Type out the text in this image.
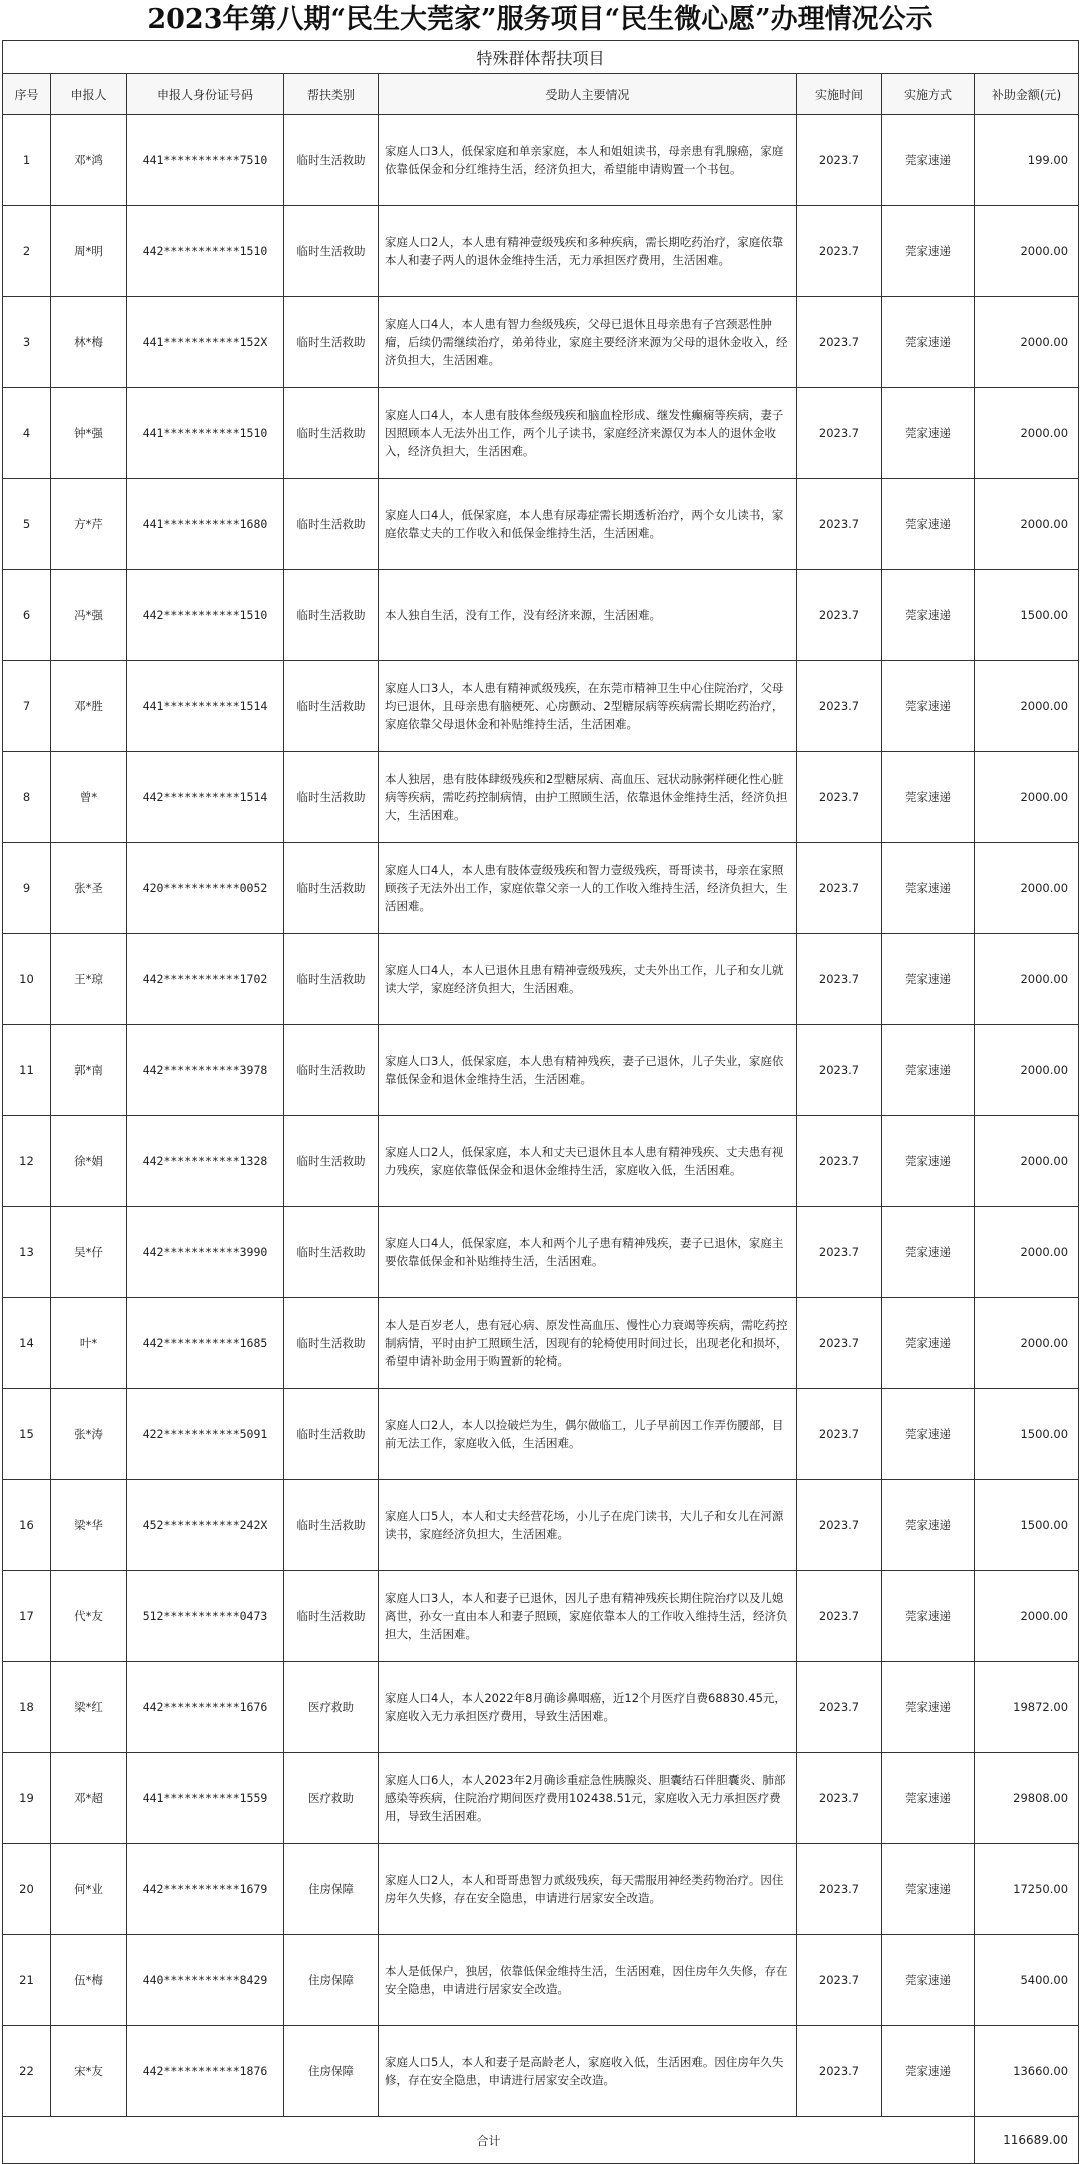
2023年第八期“民生大莞家”服务项目“民生微心愿”办理情况公示
特殊群体帮扶项目							
序号	申报人	申报人身份证号码	帮扶类别	受助人主要情况	实施时间	实施方式	补助金额(元)
1	邓*鸿	441***********7510	临时生活救助	家庭人口3人，低保家庭和单亲家庭，本人和姐姐读书，母亲患有乳腺癌，家庭依靠低保金和分红维持生活，经济负担大，希望能申请购置一个书包。	2023.7	莞家速递	199.00
2	周*明	442***********1510	临时生活救助	家庭人口2人，本人患有精神壹级残疾和多种疾病，需长期吃药治疗，家庭依靠本人和妻子两人的退休金维持生活，无力承担医疗费用，生活困难。	2023.7	莞家速递	2000.00
3	林*梅	441***********152X	临时生活救助	家庭人口4人，本人患有智力叁级残疾，父母已退休且母亲患有子宫颈恶性肿瘤，后续仍需继续治疗，弟弟待业，家庭主要经济来源为父母的退休金收入，经济负担大，生活困难。	2023.7	莞家速递	2000.00
4	钟*强	441***********1510	临时生活救助	家庭人口4人，本人患有肢体叁级残疾和脑血栓形成、继发性癫痫等疾病，妻子因照顾本人无法外出工作，两个儿子读书，家庭经济来源仅为本人的退休金收入，经济负担大，生活困难。	2023.7	莞家速递	2000.00
5	方*芹	441***********1680	临时生活救助	家庭人口4人，低保家庭，本人患有尿毒症需长期透析治疗，两个女儿读书，家庭依靠丈夫的工作收入和低保金维持生活，生活困难。	2023.7	莞家速递	2000.00
6	冯*强	442***********1510	临时生活救助	本人独自生活，没有工作，没有经济来源，生活困难。	2023.7	莞家速递	1500.00
7	邓*胜	441***********1514	临时生活救助	家庭人口3人，本人患有精神贰级残疾，在东莞市精神卫生中心住院治疗，父母均已退休，且母亲患有脑梗死、心房颤动、2型糖尿病等疾病需长期吃药治疗，家庭依靠父母退休金和补贴维持生活，生活困难。	2023.7	莞家速递	2000.00
8	曾*	442***********1514	临时生活救助	本人独居，患有肢体肆级残疾和2型糖尿病、高血压、冠状动脉粥样硬化性心脏病等疾病，需吃药控制病情，由护工照顾生活，依靠退休金维持生活，经济负担大，生活困难。	2023.7	莞家速递	2000.00
9	张*圣	420***********0052	临时生活救助	家庭人口4人，本人患有肢体壹级残疾和智力壹级残疾，哥哥读书，母亲在家照顾孩子无法外出工作，家庭依靠父亲一人的工作收入维持生活，经济负担大，生活困难。	2023.7	莞家速递	2000.00
10	王*琼	442***********1702	临时生活救助	家庭人口4人，本人已退休且患有精神壹级残疾，丈夫外出工作，儿子和女儿就读大学，家庭经济负担大，生活困难。	2023.7	莞家速递	2000.00
11	郭*南	442***********3978	临时生活救助	家庭人口3人，低保家庭，本人患有精神残疾，妻子已退休，儿子失业，家庭依靠低保金和退休金维持生活，生活困难。	2023.7	莞家速递	2000.00
12	徐*娟	442***********1328	临时生活救助	家庭人口2人，低保家庭，本人和丈夫已退休且本人患有精神残疾、丈夫患有视力残疾，家庭依靠低保金和退休金维持生活，家庭收入低，生活困难。	2023.7	莞家速递	2000.00
13	吴*仔	442***********3990	临时生活救助	家庭人口4人，低保家庭，本人和两个儿子患有精神残疾，妻子已退休，家庭主要依靠低保金和补贴维持生活，生活困难。	2023.7	莞家速递	2000.00
14	叶*	442***********1685	临时生活救助	本人是百岁老人，患有冠心病、原发性高血压、慢性心力衰竭等疾病，需吃药控制病情，平时由护工照顾生活，因现有的轮椅使用时间过长，出现老化和损坏，希望申请补助金用于购置新的轮椅。	2023.7	莞家速递	2000.00
15	张*涛	422***********5091	临时生活救助	家庭人口2人，本人以捡破烂为生，偶尔做临工，儿子早前因工作弄伤腰部，目前无法工作，家庭收入低，生活困难。	2023.7	莞家速递	1500.00
16	梁*华	452***********242X	临时生活救助	家庭人口5人，本人和丈夫经营花场，小儿子在虎门读书，大儿子和女儿在河源读书，家庭经济负担大，生活困难。	2023.7	莞家速递	1500.00
17	代*友	512***********0473	临时生活救助	家庭人口3人，本人和妻子已退休，因儿子患有精神残疾长期住院治疗以及儿媳离世，孙女一直由本人和妻子照顾，家庭依靠本人的工作收入维持生活，经济负担大，生活困难。	2023.7	莞家速递	2000.00
18	梁*红	442***********1676	医疗救助	家庭人口4人，本人2022年8月确诊鼻咽癌，近12个月医疗自费68830.45元，家庭收入无力承担医疗费用，导致生活困难。	2023.7	莞家速递	19872.00
19	邓*超	441***********1559	医疗救助	家庭人口6人，本人2023年2月确诊重症急性胰腺炎、胆囊结石伴胆囊炎、肺部感染等疾病，住院治疗期间医疗费用102438.51元，家庭收入无力承担医疗费用，导致生活困难。	2023.7	莞家速递	29808.00
20	何*业	442***********1679	住房保障	家庭人口2人，本人和哥哥患智力贰级残疾，每天需服用神经类药物治疗。因住房年久失修，存在安全隐患，申请进行居家安全改造。	2023.7	莞家速递	17250.00
21	伍*梅	440***********8429	住房保障	本人是低保户，独居，依靠低保金维持生活，生活困难，因住房年久失修，存在安全隐患，申请进行居家安全改造。	2023.7	莞家速递	5400.00
22	宋*友	442***********1876	住房保障	家庭人口5人，本人和妻子是高龄老人，家庭收入低，生活困难。因住房年久失修，存在安全隐患，申请进行居家安全改造。	2023.7	莞家速递	13660.00
合计							116689.00
